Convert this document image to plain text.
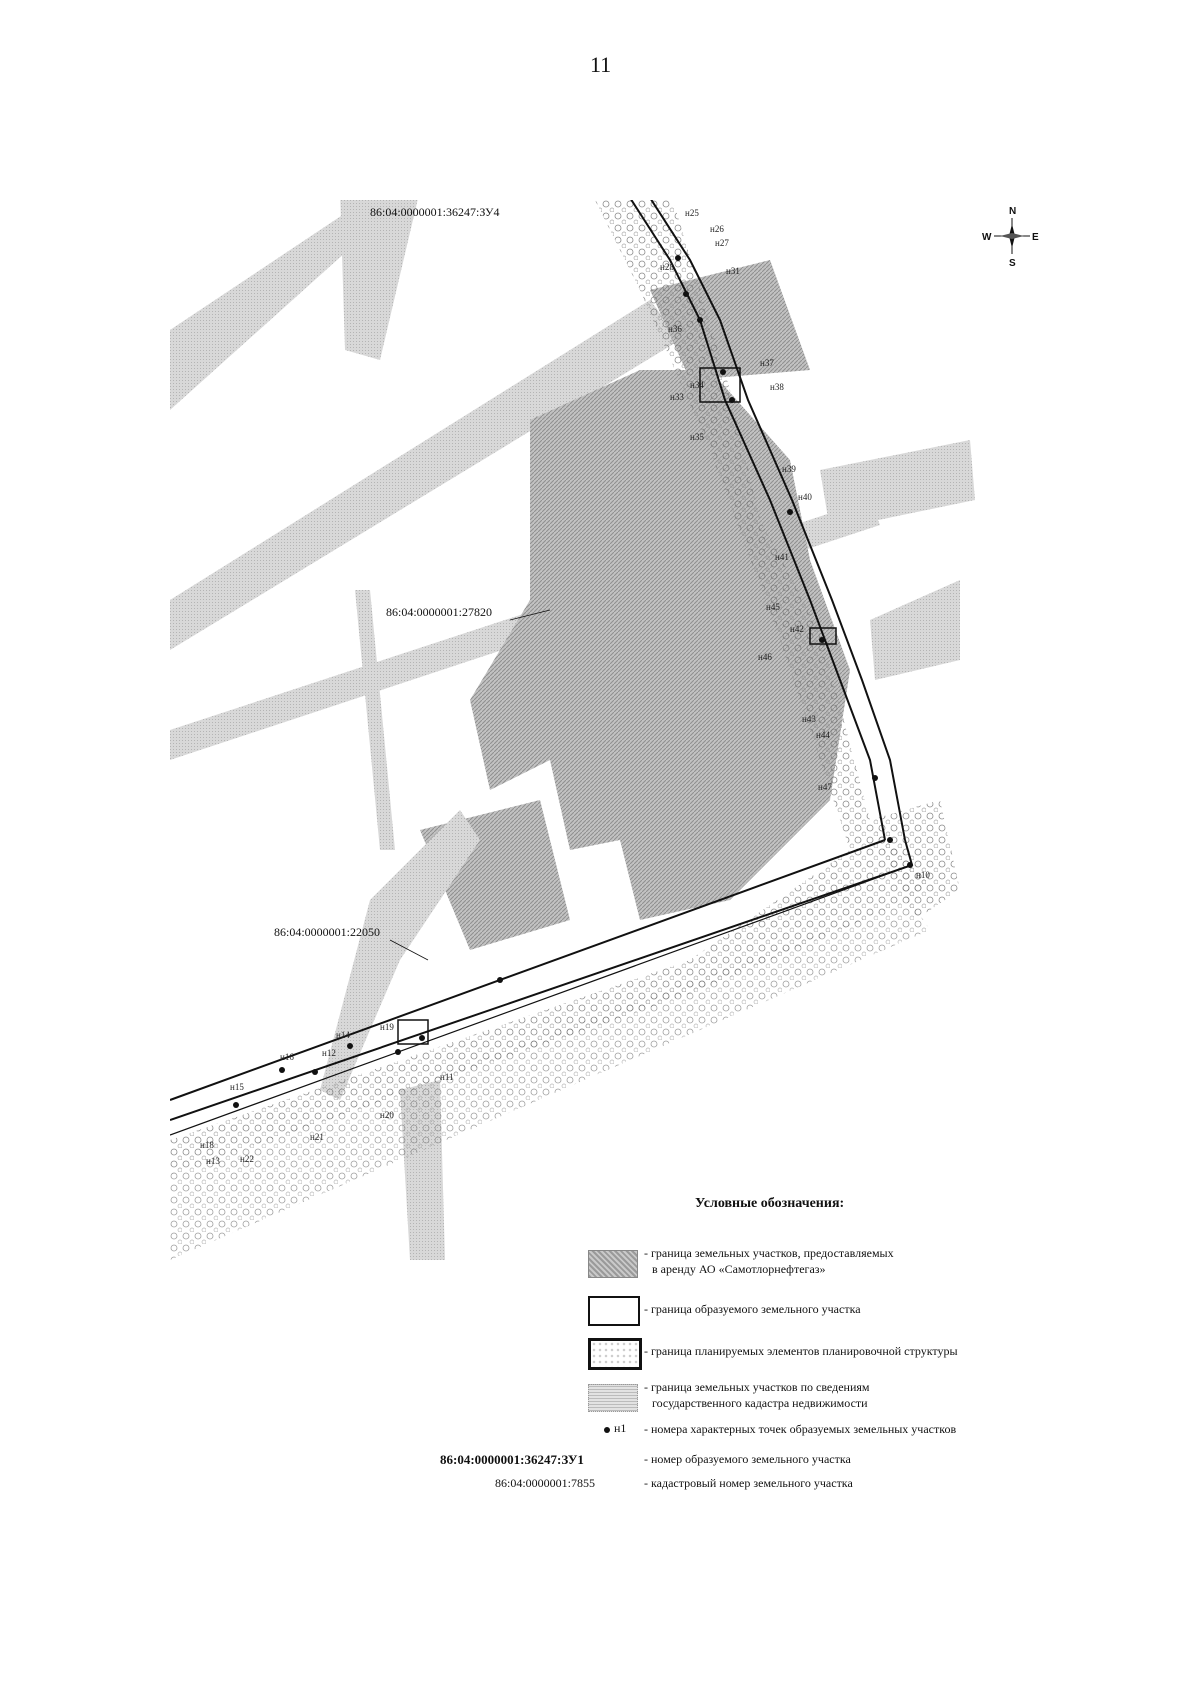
11
н25
н26
н27
н28	н31
н33
н34
н35
н36
н37
н38
н39
н40
н41
н42
н43
н44
н45
н46
н47
н10
н11
н12
н13
н14
н15
н16
н18
н19
н20
н21
н22
86:04:0000001:36247:ЗУ4
86:04:0000001:27820
86:04:0000001:22050
N
S
E
W
Условные обозначения:
- граница земельных участков, предоставляемых
в аренду АО «Самотлорнефтегаз»
- граница образуемого земельного участка
- граница планируемых элементов планировочной структуры
- граница земельных участков по сведениям
государственного кадастра недвижимости
н1 - номера характерных точек образуемых земельных участков
86:04:0000001:36247:ЗУ1	- номер образуемого земельного участка
86:04:0000001:7855	- кадастровый номер земельного участка
